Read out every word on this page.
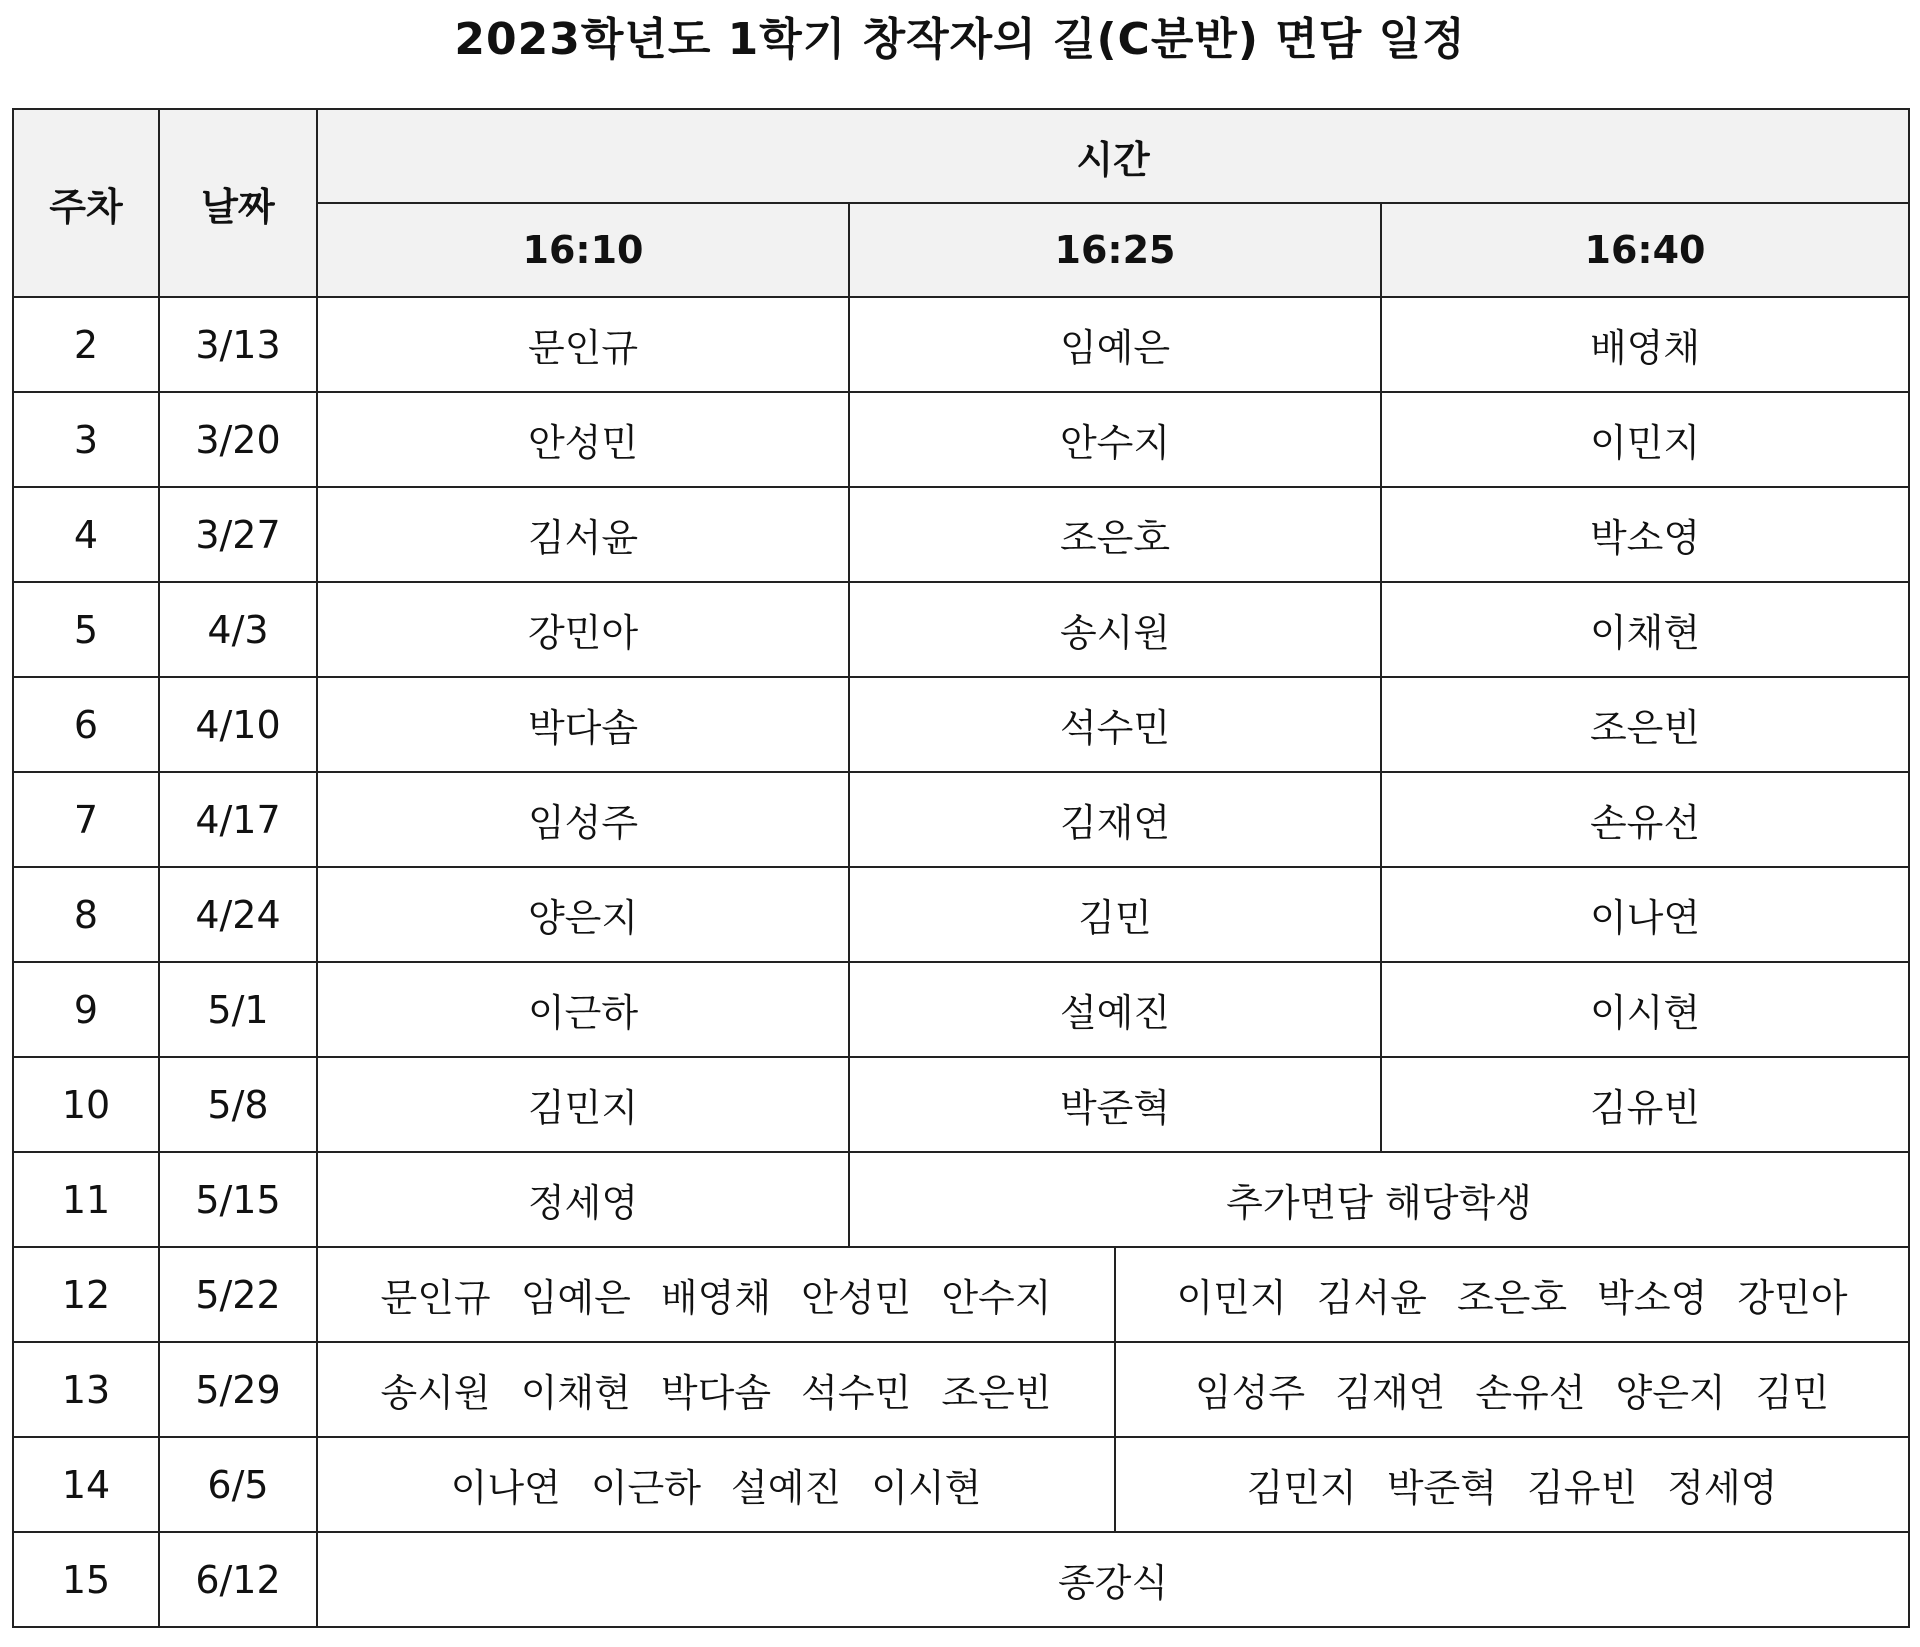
2023학년도 1학기 창작자의 길(C분반) 면담 일정
주차	날짜	시간			
		16:10	16:25		16:40
2	3/13	문인규	임예은		배영채
3	3/20	안성민	안수지		이민지
4	3/27	김서윤	조은호		박소영
5	4/3	강민아	송시원		이채현
6	4/10	박다솜	석수민		조은빈
7	4/17	임성주	김재연		손유선
8	4/24	양은지	김민		이나연
9	5/1	이근하	설예진		이시현
10	5/8	김민지	박준혁		김유빈
11	5/15	정세영	추가면담 해당학생		
12	5/22	문인규 임예은 배영채 안성민 안수지		이민지 김서윤 조은호 박소영 강민아	
13	5/29	송시원 이채현 박다솜 석수민 조은빈		임성주 김재연 손유선 양은지 김민	
14	6/5	이나연 이근하 설예진 이시현		김민지 박준혁 김유빈 정세영	
15	6/12	종강식			
